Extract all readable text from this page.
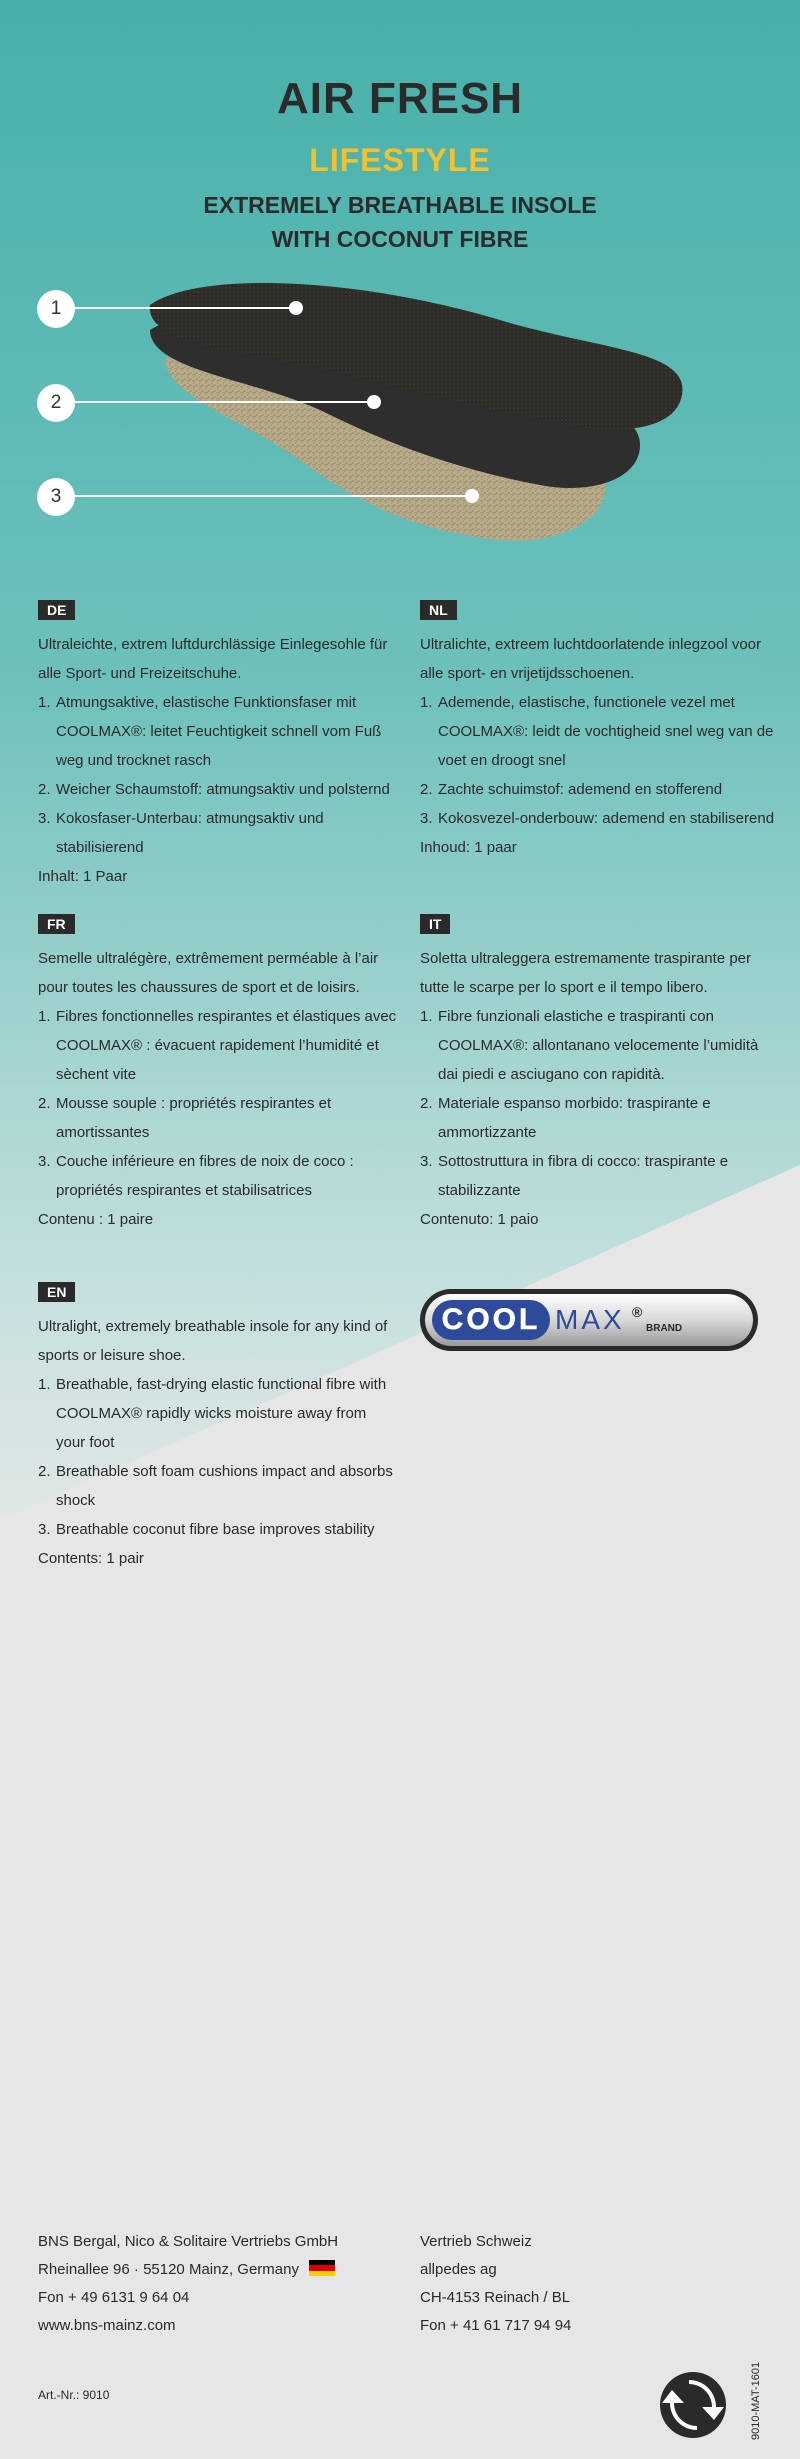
AIR FRESH
LIFESTYLE
EXTREMELY BREATHABLE INSOLE
WITH COCONUT FIBRE
1
2
3
DE

Ultraleichte, extrem luftdurchlässige Einlegesohle für alle Sport- und Freizeitschuhe.

1. Atmungsaktive, elastische Funktionsfaser mit COOLMAX®: leitet Feuchtigkeit schnell vom Fuß weg und trocknet rasch
2. Weicher Schaumstoff: atmungsaktiv und polsternd
3. Kokosfaser-Unterbau: atmungsaktiv und stabilisierend

Inhalt: 1 Paar

NL

Ultralichte, extreem luchtdoorlatende inlegzool voor alle sport- en vrijetijdsschoenen.

1. Ademende, elastische, functionele vezel met COOLMAX®: leidt de vochtigheid snel weg van de voet en droogt snel
2. Zachte schuimstof: ademend en stofferend
3. Kokosvezel-onderbouw: ademend en stabiliserend

Inhoud: 1 paar

FR

Semelle ultralégère, extrêmement perméable à l’air pour toutes les chaussures de sport et de loisirs.

1. Fibres fonctionnelles respirantes et élastiques avec COOLMAX® : évacuent rapidement l’humidité et sèchent vite
2. Mousse souple : propriétés respirantes et amortissantes
3. Couche inférieure en fibres de noix de coco : propriétés respirantes et stabilisatrices

Contenu : 1 paire

IT

Soletta ultraleggera estremamente traspirante per tutte le scarpe per lo sport e il tempo libero.

1. Fibre funzionali elastiche e traspiranti con COOLMAX®: allontanano velocemente l’umidità dai piedi e asciugano con rapidità.
2. Materiale espanso morbido: traspirante e ammortizzante
3. Sottostruttura in fibra di cocco: traspirante e stabilizzante

Contenuto: 1 paio

EN

Ultralight, extremely breathable insole for any kind of sports or leisure shoe.

1. Breathable, fast-drying elastic functional fibre with COOLMAX® rapidly wicks moisture away from your foot
2. Breathable soft foam cushions impact and absorbs shock
3. Breathable coconut fibre base improves stability

Contents: 1 pair

COOL MAX ®
BRAND
BNS Bergal, Nico & Solitaire Vertriebs GmbH
Rheinallee 96 · 55120 Mainz, Germany
Fon + 49 6131 9 64 04
www.bns-mainz.com
Vertrieb Schweiz
allpedes ag
CH-4153 Reinach / BL
Fon + 41 61 717 94 94
Art.-Nr.: 9010	9010-MAT-1601
